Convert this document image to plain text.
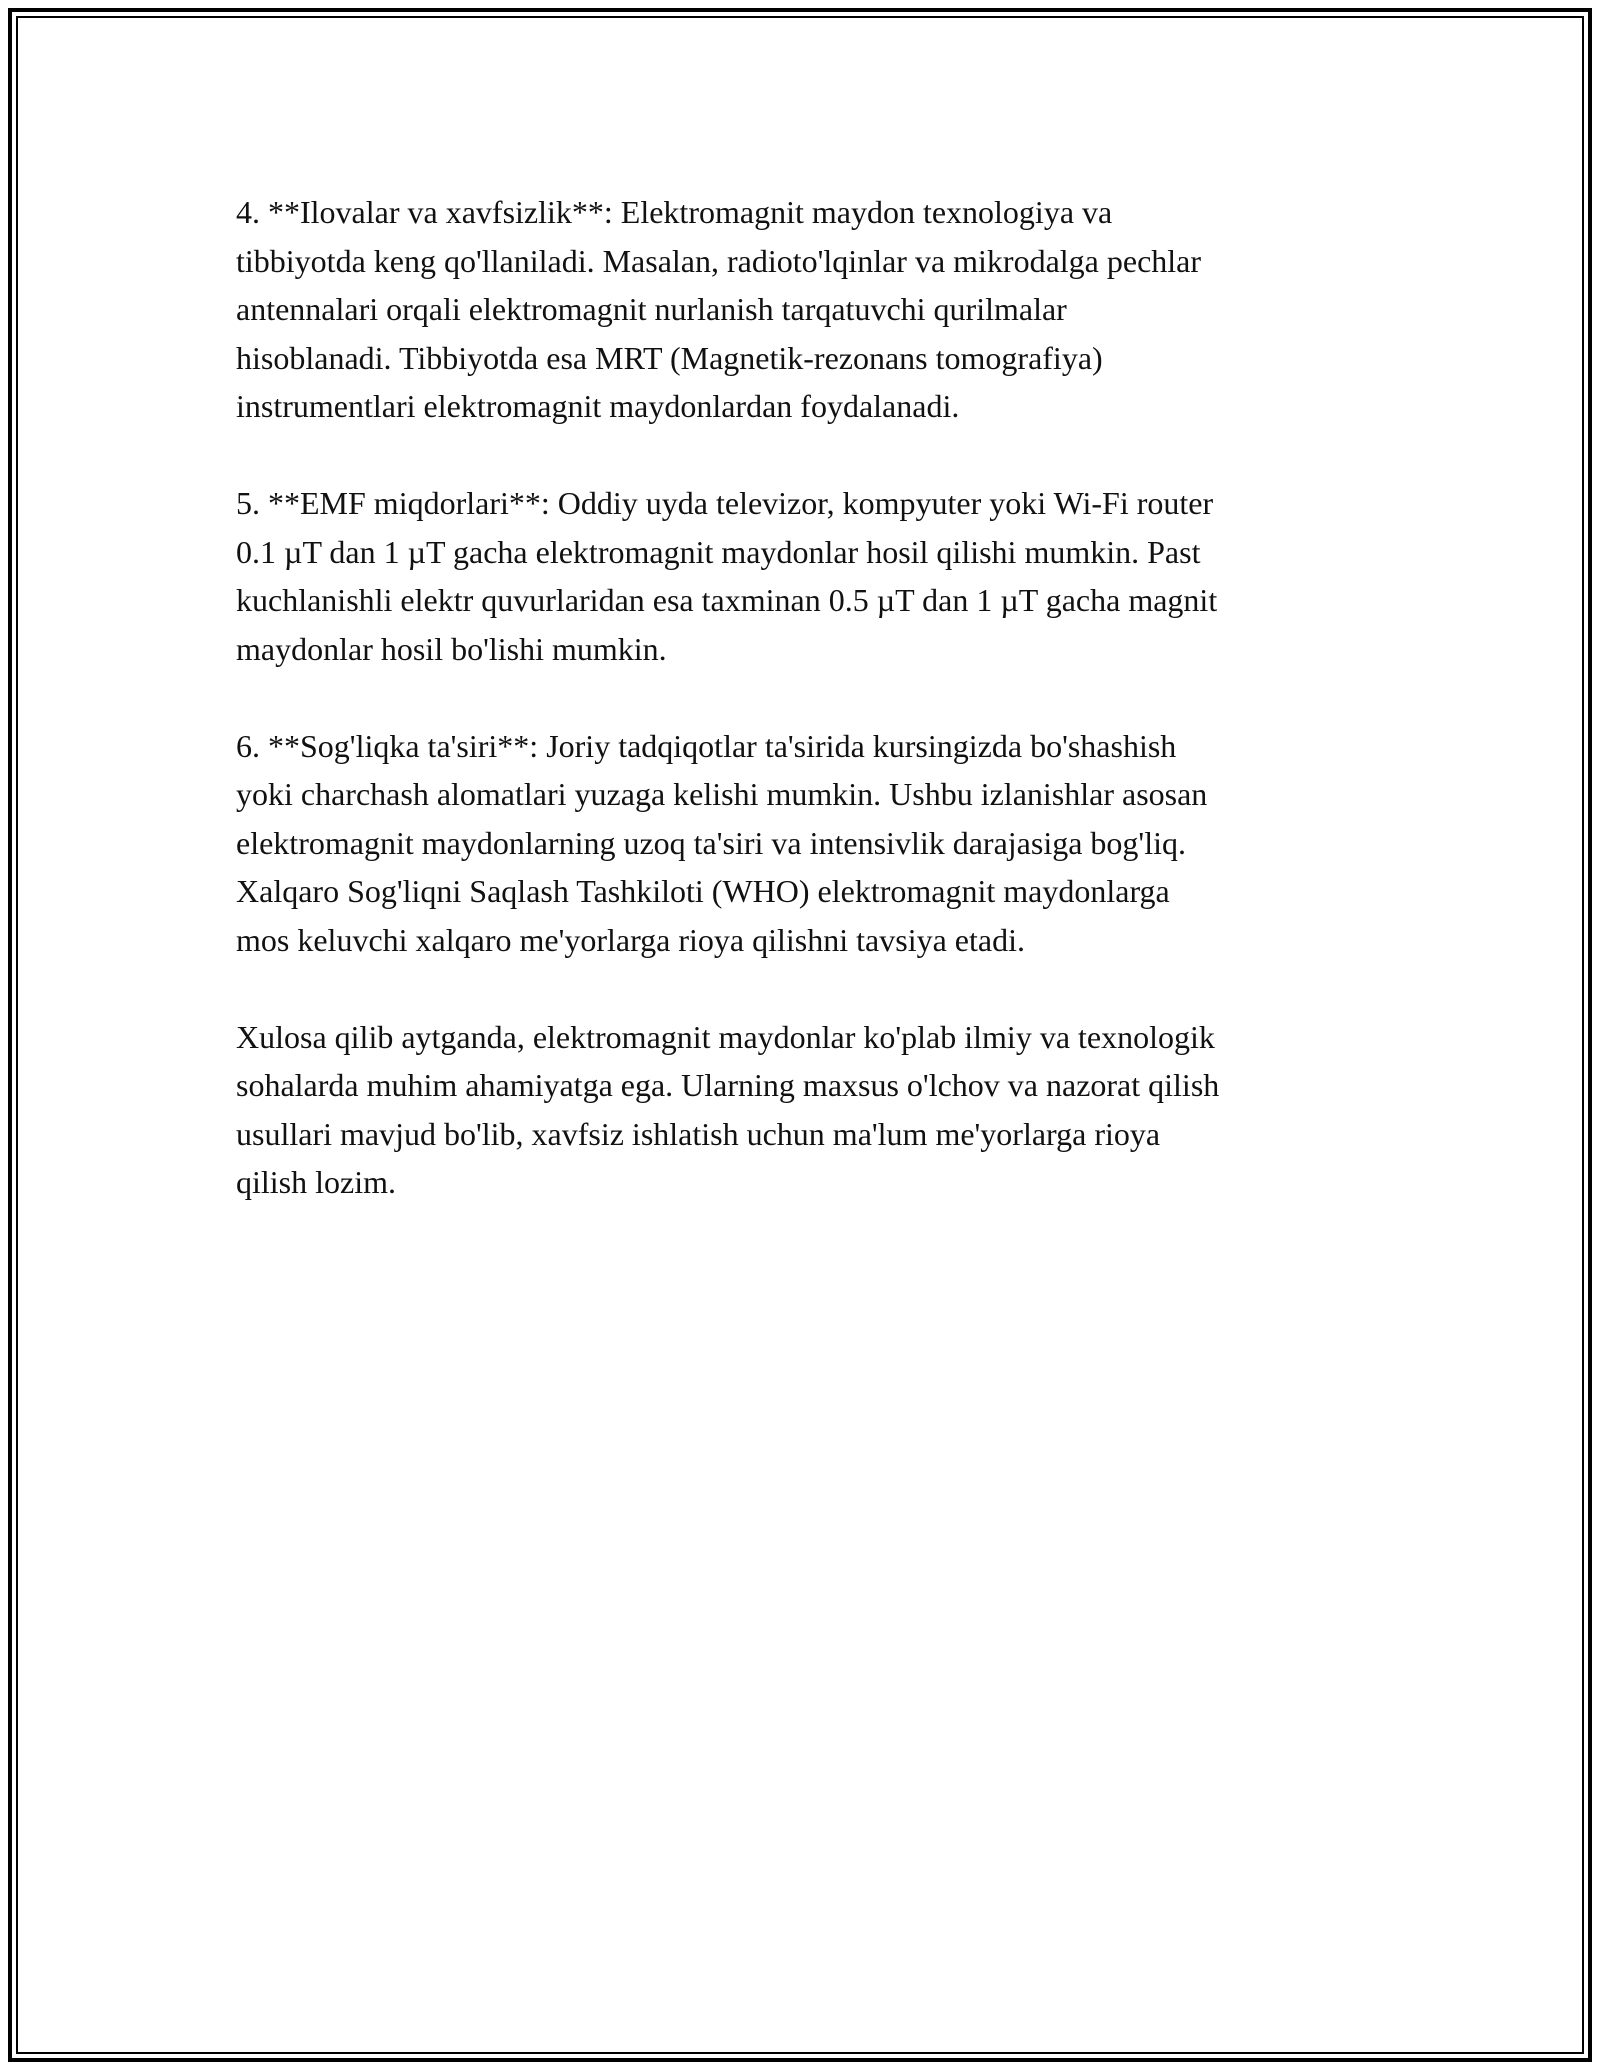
4. **Ilovalar va xavfsizlik**: Elektromagnit maydon texnologiya va
tibbiyotda keng qo'llaniladi. Masalan, radioto'lqinlar va mikrodalga pechlar
antennalari orqali elektromagnit nurlanish tarqatuvchi qurilmalar
hisoblanadi. Tibbiyotda esa MRT (Magnetik-rezonans tomografiya)
instrumentlari elektromagnit maydonlardan foydalanadi.

5. **EMF miqdorlari**: Oddiy uyda televizor, kompyuter yoki Wi-Fi router
0.1 µT dan 1 µT gacha elektromagnit maydonlar hosil qilishi mumkin. Past
kuchlanishli elektr quvurlaridan esa taxminan 0.5 µT dan 1 µT gacha magnit
maydonlar hosil bo'lishi mumkin.

6. **Sog'liqka ta'siri**: Joriy tadqiqotlar ta'sirida kursingizda bo'shashish
yoki charchash alomatlari yuzaga kelishi mumkin. Ushbu izlanishlar asosan
elektromagnit maydonlarning uzoq ta'siri va intensivlik darajasiga bog'liq.
Xalqaro Sog'liqni Saqlash Tashkiloti (WHO) elektromagnit maydonlarga
mos keluvchi xalqaro me'yorlarga rioya qilishni tavsiya etadi.

Xulosa qilib aytganda, elektromagnit maydonlar ko'plab ilmiy va texnologik
sohalarda muhim ahamiyatga ega. Ularning maxsus o'lchov va nazorat qilish
usullari mavjud bo'lib, xavfsiz ishlatish uchun ma'lum me'yorlarga rioya
qilish lozim.
